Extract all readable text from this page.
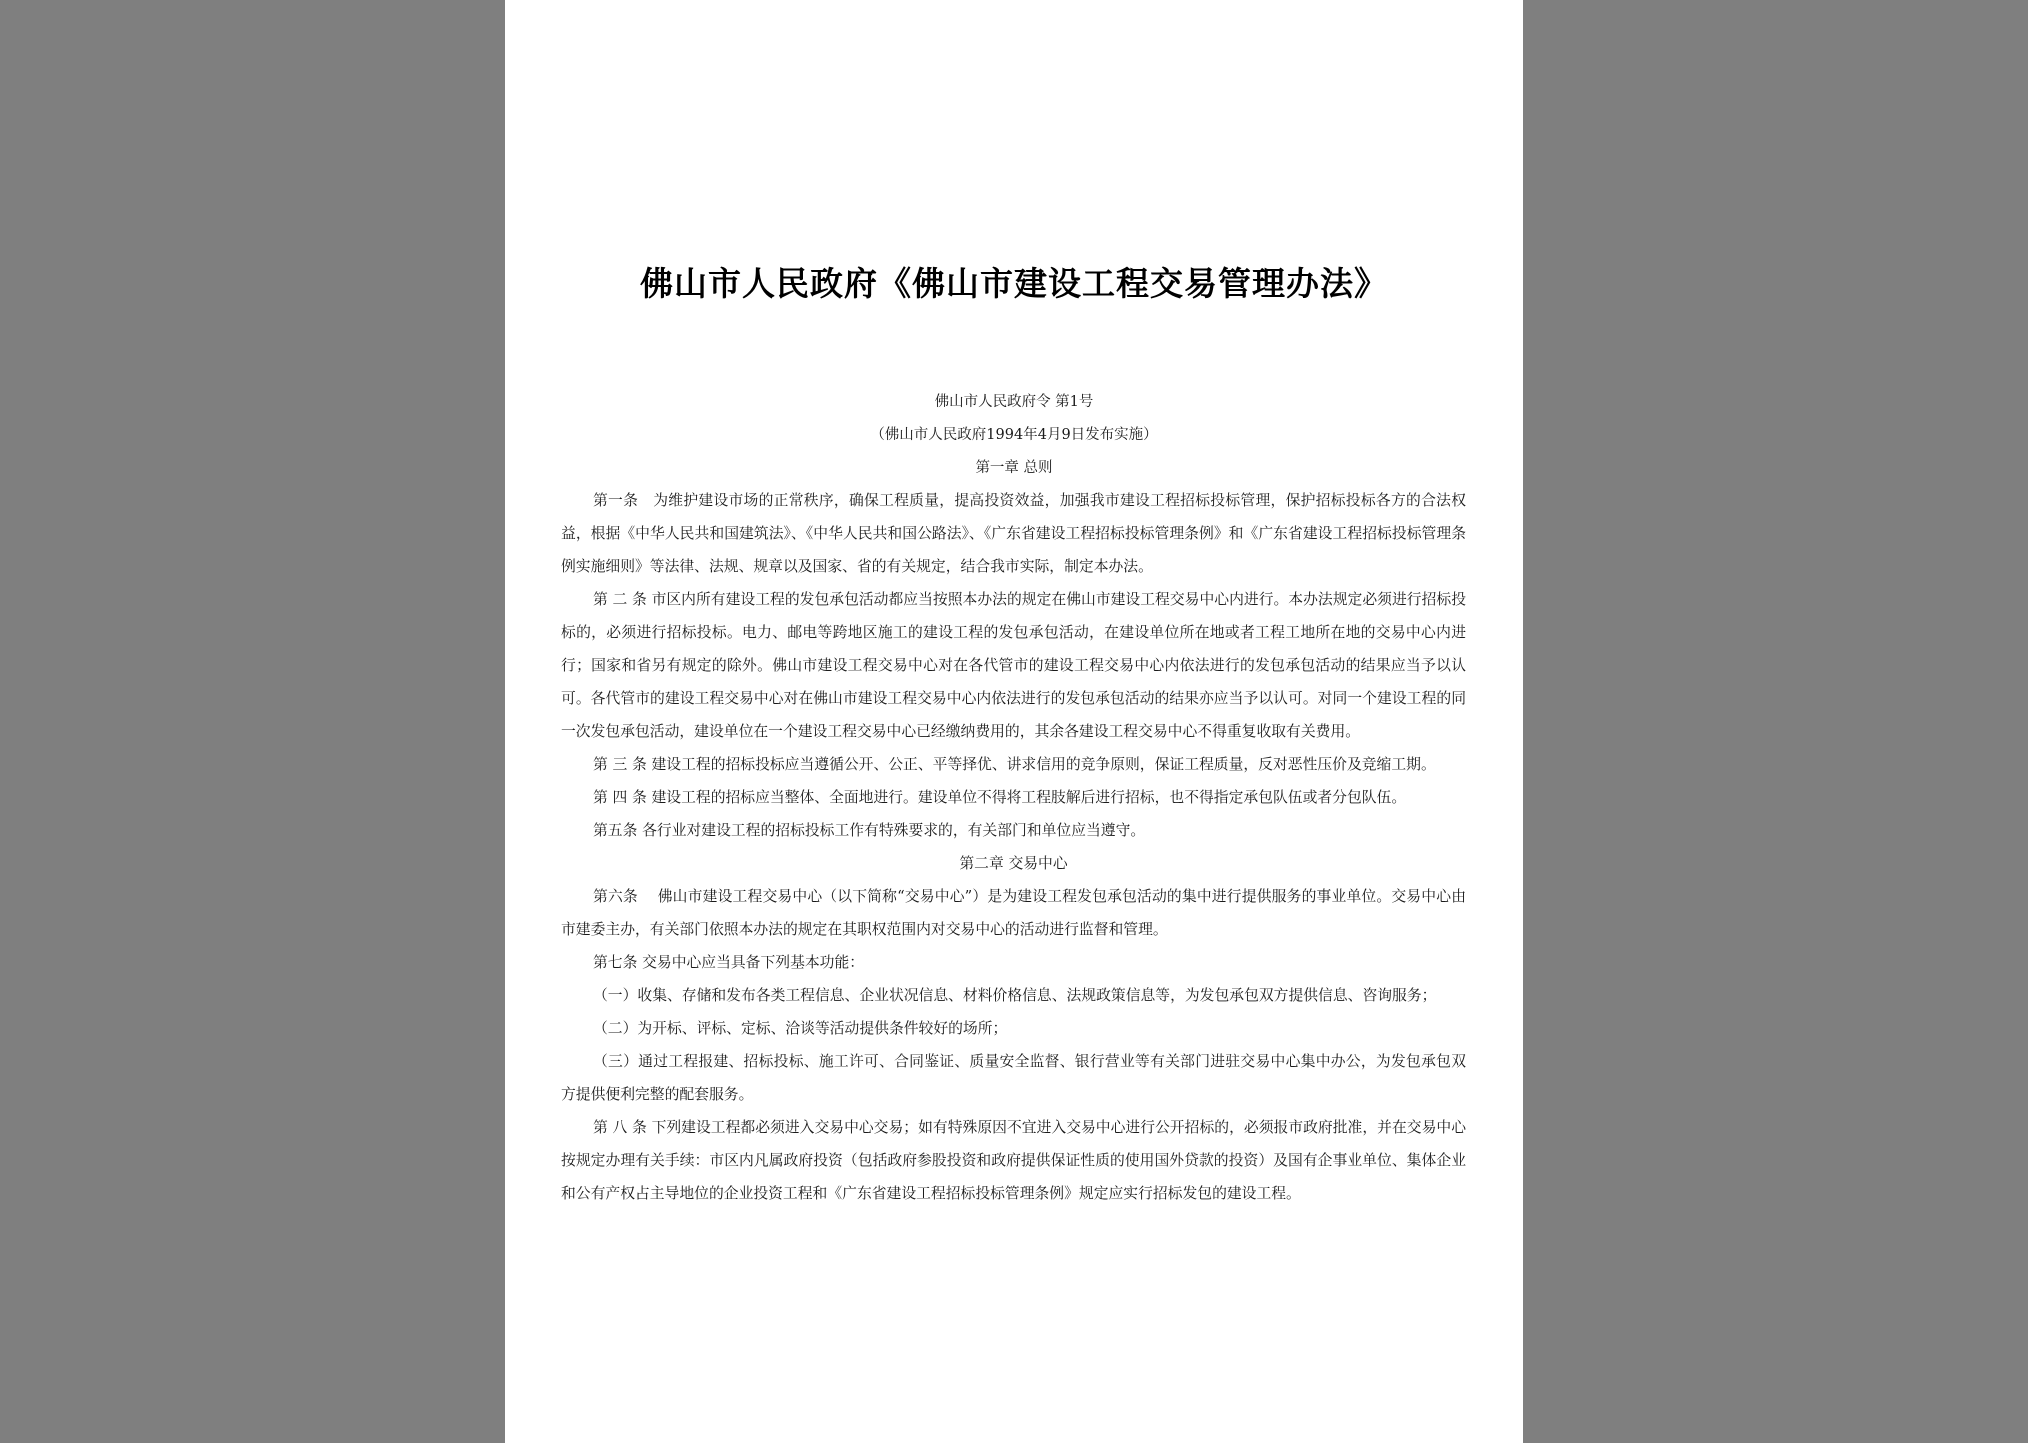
佛山市人民政府《佛山市建设工程交易管理办法》
佛山市人民政府令 第1号
（佛山市人民政府1994年4月9日发布实施）
第一章 总则

第一条　为维护建设市场的正常秩序，确保工程质量，提高投资效益，加强我市建设工程招标投标管理，保护招标投标各方的合法权益，根据《中华人民共和国建筑法》、《中华人民共和国公路法》、《广东省建设工程招标投标管理条例》和《广东省建设工程招标投标管理条例实施细则》等法律、法规、规章以及国家、省的有关规定，结合我市实际，制定本办法。

第 二 条 市区内所有建设工程的发包承包活动都应当按照本办法的规定在佛山市建设工程交易中心内进行。本办法规定必须进行招标投标的，必须进行招标投标。电力、邮电等跨地区施工的建设工程的发包承包活动，在建设单位所在地或者工程工地所在地的交易中心内进行；国家和省另有规定的除外。佛山市建设工程交易中心对在各代管市的建设工程交易中心内依法进行的发包承包活动的结果应当予以认可。各代管市的建设工程交易中心对在佛山市建设工程交易中心内依法进行的发包承包活动的结果亦应当予以认可。对同一个建设工程的同一次发包承包活动，建设单位在一个建设工程交易中心已经缴纳费用的，其余各建设工程交易中心不得重复收取有关费用。

第 三 条 建设工程的招标投标应当遵循公开、公正、平等择优、讲求信用的竞争原则，保证工程质量，反对恶性压价及竞缩工期。

第 四 条 建设工程的招标应当整体、全面地进行。建设单位不得将工程肢解后进行招标，也不得指定承包队伍或者分包队伍。

第五条 各行业对建设工程的招标投标工作有特殊要求的，有关部门和单位应当遵守。

第二章 交易中心

第六条　 佛山市建设工程交易中心（以下简称“交易中心”）是为建设工程发包承包活动的集中进行提供服务的事业单位。交易中心由市建委主办，有关部门依照本办法的规定在其职权范围内对交易中心的活动进行监督和管理。

第七条 交易中心应当具备下列基本功能：

（一）收集、存储和发布各类工程信息、企业状况信息、材料价格信息、法规政策信息等，为发包承包双方提供信息、咨询服务；

（二）为开标、评标、定标、洽谈等活动提供条件较好的场所；

（三）通过工程报建、招标投标、施工许可、合同鉴证、质量安全监督、银行营业等有关部门进驻交易中心集中办公，为发包承包双方提供便利完整的配套服务。

第 八 条 下列建设工程都必须进入交易中心交易；如有特殊原因不宜进入交易中心进行公开招标的，必须报市政府批准，并在交易中心按规定办理有关手续：市区内凡属政府投资（包括政府参股投资和政府提供保证性质的使用国外贷款的投资）及国有企事业单位、集体企业和公有产权占主导地位的企业投资工程和《广东省建设工程招标投标管理条例》规定应实行招标发包的建设工程。
